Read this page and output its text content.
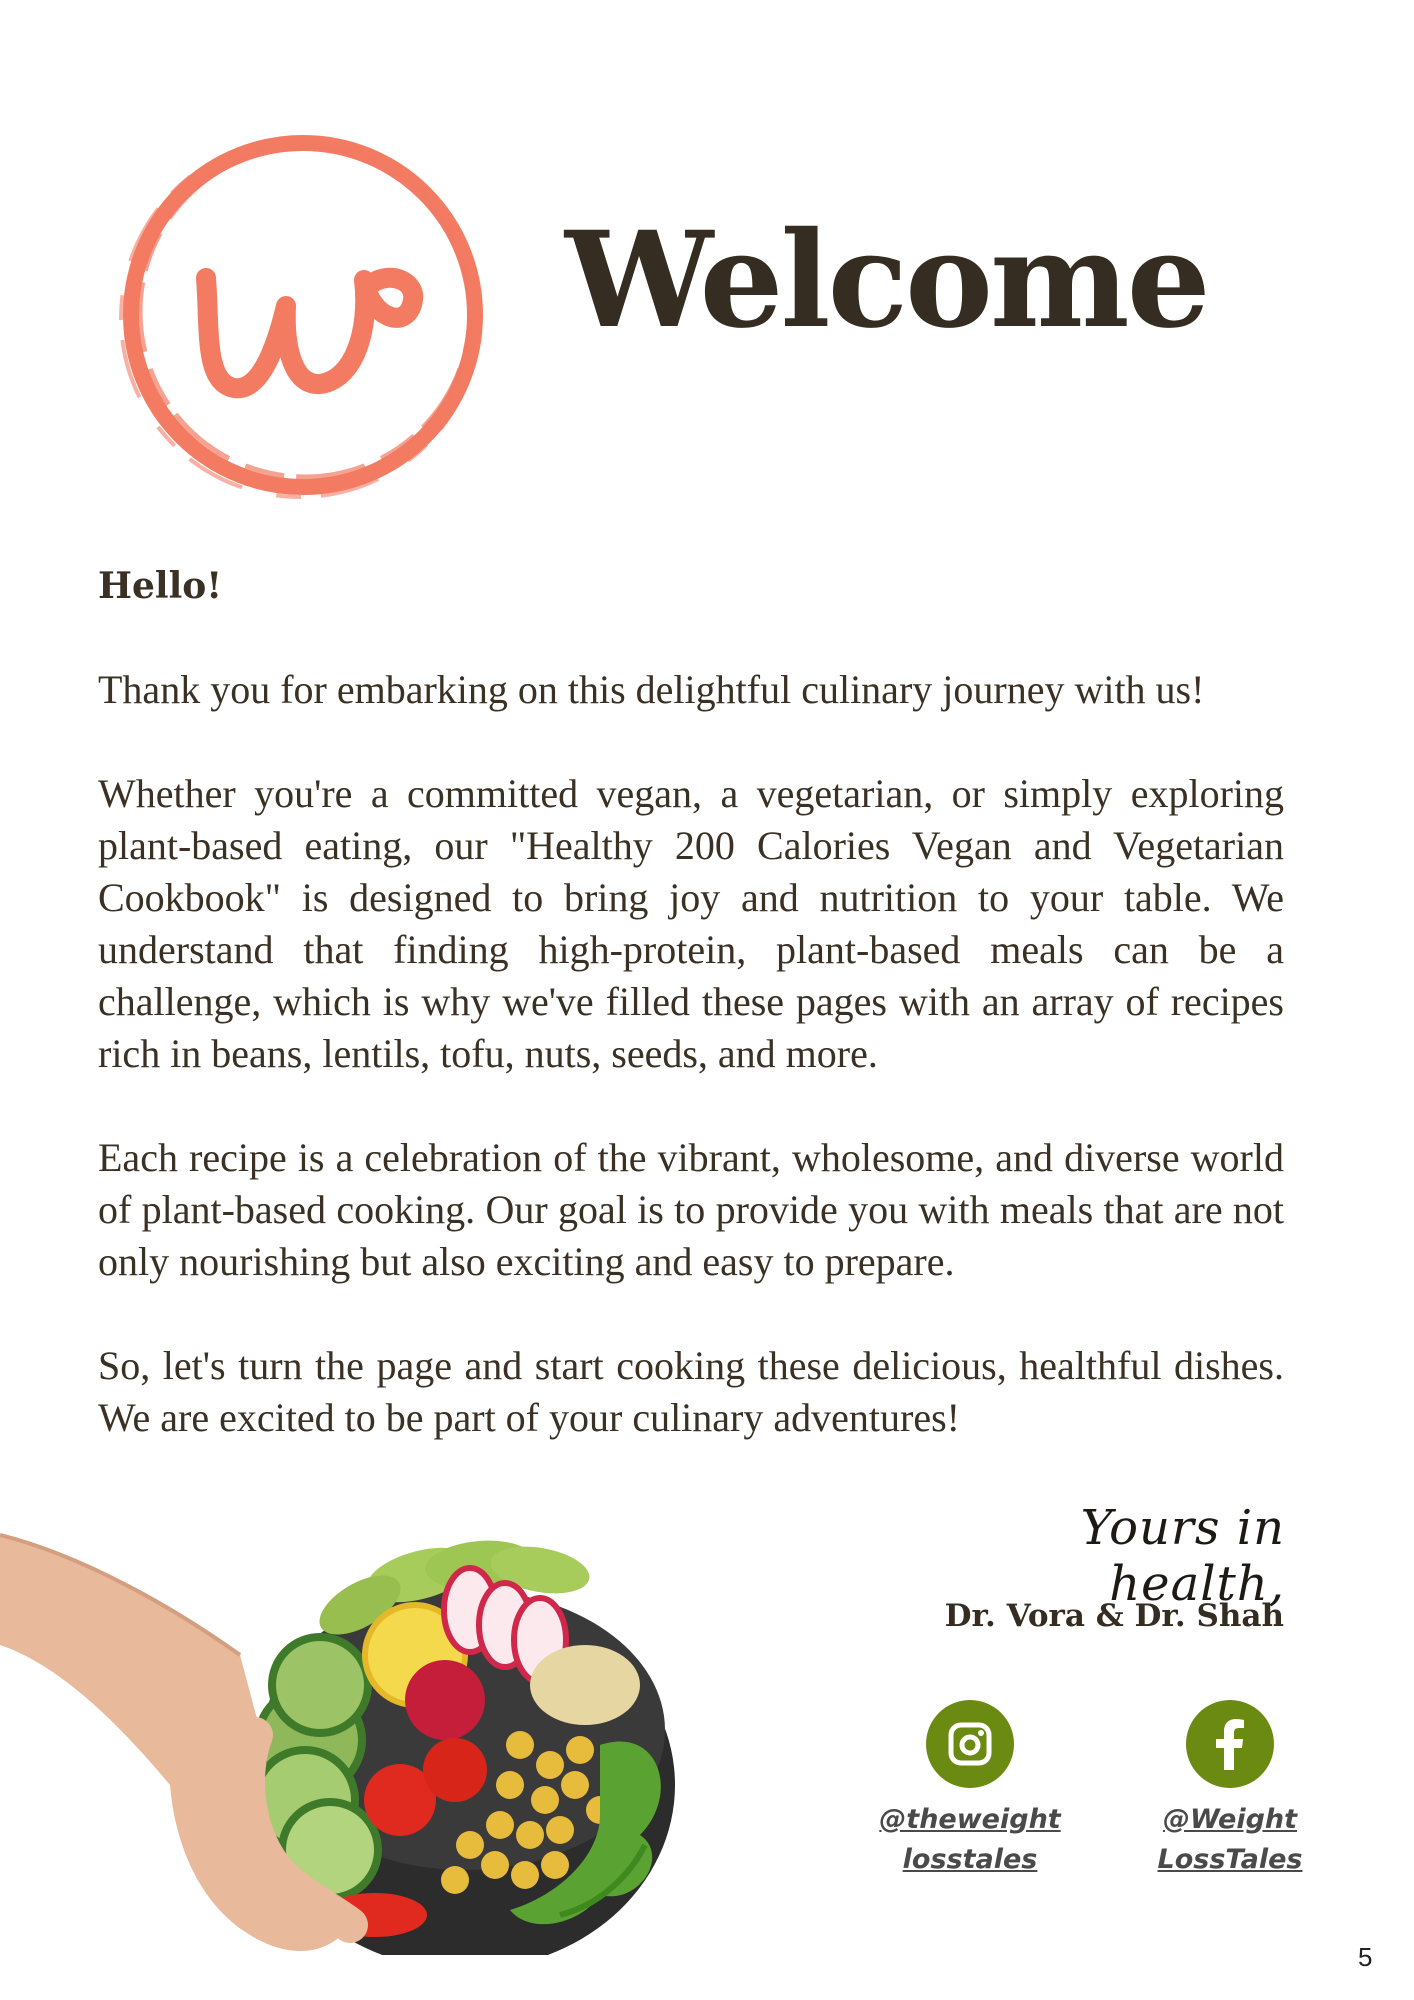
Welcome

Hello!

Thank you for embarking on this delightful culinary journey with us!

Whether you're a committed vegan, a vegetarian, or simply exploring plant-based eating, our "Healthy 200 Calories Vegan and Vegetarian Cookbook" is designed to bring joy and nutrition to your table. We understand that finding high-protein, plant-based meals can be a challenge, which is why we've filled these pages with an array of recipes rich in beans, lentils, tofu, nuts, seeds, and more.

Each recipe is a celebration of the vibrant, wholesome, and diverse world of plant-based cooking. Our goal is to provide you with meals that are not only nourishing but also exciting and easy to prepare.

So, let's turn the page and start cooking these delicious, healthful dishes. We are excited to be part of your culinary adventures!

Yours in health,
Dr. Vora & Dr. Shah
@theweight
losstales
@Weight
LossTales
5
